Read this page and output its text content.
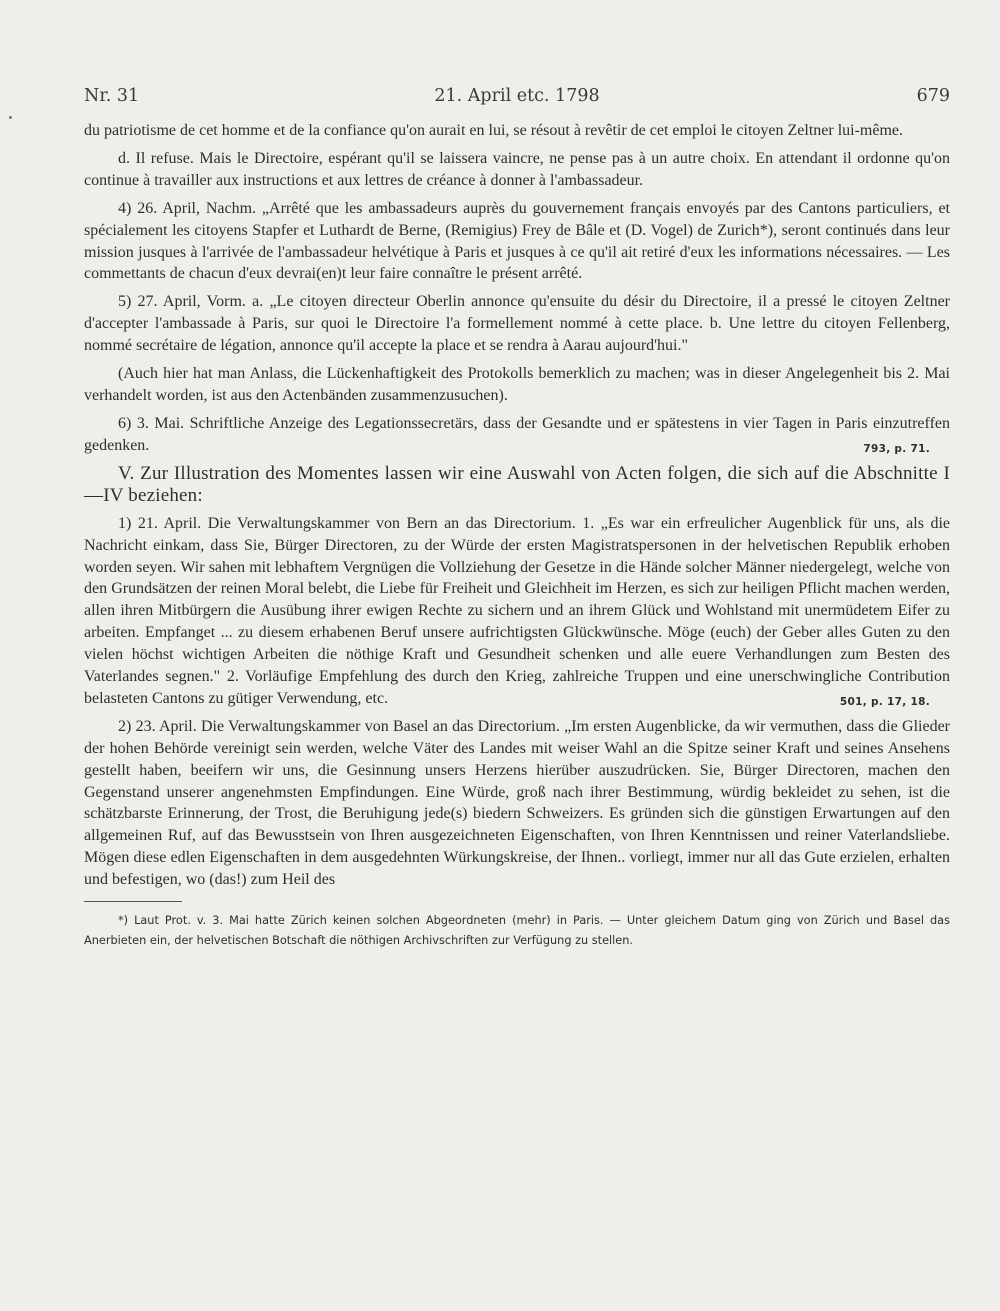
Nr. 31	21. April etc. 1798	679

du patriotisme de cet homme et de la confiance qu'on aurait en lui, se résout à revêtir de cet emploi le citoyen Zeltner lui-même.

d. Il refuse. Mais le Directoire, espérant qu'il se laissera vaincre, ne pense pas à un autre choix. En attendant il ordonne qu'on continue à travailler aux instructions et aux lettres de créance à donner à l'ambassadeur.

4) 26. April, Nachm. „Arrêté que les ambassadeurs auprès du gouvernement français envoyés par des Cantons particuliers, et spécialement les citoyens Stapfer et Luthardt de Berne, (Remigius) Frey de Bâle et (D. Vogel) de Zurich*), seront continués dans leur mission jusques à l'arrivée de l'ambassadeur helvétique à Paris et jusques à ce qu'il ait retiré d'eux les informations nécessaires. — Les commettants de chacun d'eux devrai(en)t leur faire connaître le présent arrêté.

5) 27. April, Vorm. a. „Le citoyen directeur Oberlin annonce qu'ensuite du désir du Directoire, il a pressé le citoyen Zeltner d'accepter l'ambassade à Paris, sur quoi le Directoire l'a formellement nommé à cette place. b. Une lettre du citoyen Fellenberg, nommé secrétaire de légation, annonce qu'il accepte la place et se rendra à Aarau aujourd'hui."

(Auch hier hat man Anlass, die Lückenhaftigkeit des Protokolls bemerklich zu machen; was in dieser Angelegenheit bis 2. Mai verhandelt worden, ist aus den Actenbänden zusammenzusuchen).

6) 3. Mai. Schriftliche Anzeige des Legationssecretärs, dass der Gesandte und er spätestens in vier Tagen in Paris einzutreffen gedenken.	793, p. 71.

V. Zur Illustration des Momentes lassen wir eine Auswahl von Acten folgen, die sich auf die Abschnitte I—IV beziehen:

1) 21. April. Die Verwaltungskammer von Bern an das Directorium. 1. „Es war ein erfreulicher Augenblick für uns, als die Nachricht einkam, dass Sie, Bürger Directoren, zu der Würde der ersten Magistratspersonen in der helvetischen Republik erhoben worden seyen. Wir sahen mit lebhaftem Vergnügen die Vollziehung der Gesetze in die Hände solcher Männer niedergelegt, welche von den Grundsätzen der reinen Moral belebt, die Liebe für Freiheit und Gleichheit im Herzen, es sich zur heiligen Pflicht machen werden, allen ihren Mitbürgern die Ausübung ihrer ewigen Rechte zu sichern und an ihrem Glück und Wohlstand mit unermüdetem Eifer zu arbeiten. Empfanget ... zu diesem erhabenen Beruf unsere aufrichtigsten Glückwünsche. Möge (euch) der Geber alles Guten zu den vielen höchst wichtigen Arbeiten die nöthige Kraft und Gesundheit schenken und alle euere Verhandlungen zum Besten des Vaterlandes segnen." 2. Vorläufige Empfehlung des durch den Krieg, zahlreiche Truppen und eine unerschwingliche Contribution belasteten Cantons zu gütiger Verwendung, etc.	501, p. 17, 18.

2) 23. April. Die Verwaltungskammer von Basel an das Directorium. „Im ersten Augenblicke, da wir vermuthen, dass die Glieder der hohen Behörde vereinigt sein werden, welche Väter des Landes mit weiser Wahl an die Spitze seiner Kraft und seines Ansehens gestellt haben, beeifern wir uns, die Gesinnung unsers Herzens hierüber auszudrücken. Sie, Bürger Directoren, machen den Gegenstand unserer angenehmsten Empfindungen. Eine Würde, groß nach ihrer Bestimmung, würdig bekleidet zu sehen, ist die schätzbarste Erinnerung, der Trost, die Beruhigung jede(s) biedern Schweizers. Es gründen sich die günstigen Erwartungen auf den allgemeinen Ruf, auf das Bewusstsein von Ihren ausgezeichneten Eigenschaften, von Ihren Kenntnissen und reiner Vaterlandsliebe. Mögen diese edlen Eigenschaften in dem ausgedehnten Würkungskreise, der Ihnen.. vorliegt, immer nur all das Gute erzielen, erhalten und befestigen, wo (das!) zum Heil des

*) Laut Prot. v. 3. Mai hatte Zürich keinen solchen Abgeordneten (mehr) in Paris. — Unter gleichem Datum ging von Zürich und Basel das Anerbieten ein, der helvetischen Botschaft die nöthigen Archivschriften zur Verfügung zu stellen.
